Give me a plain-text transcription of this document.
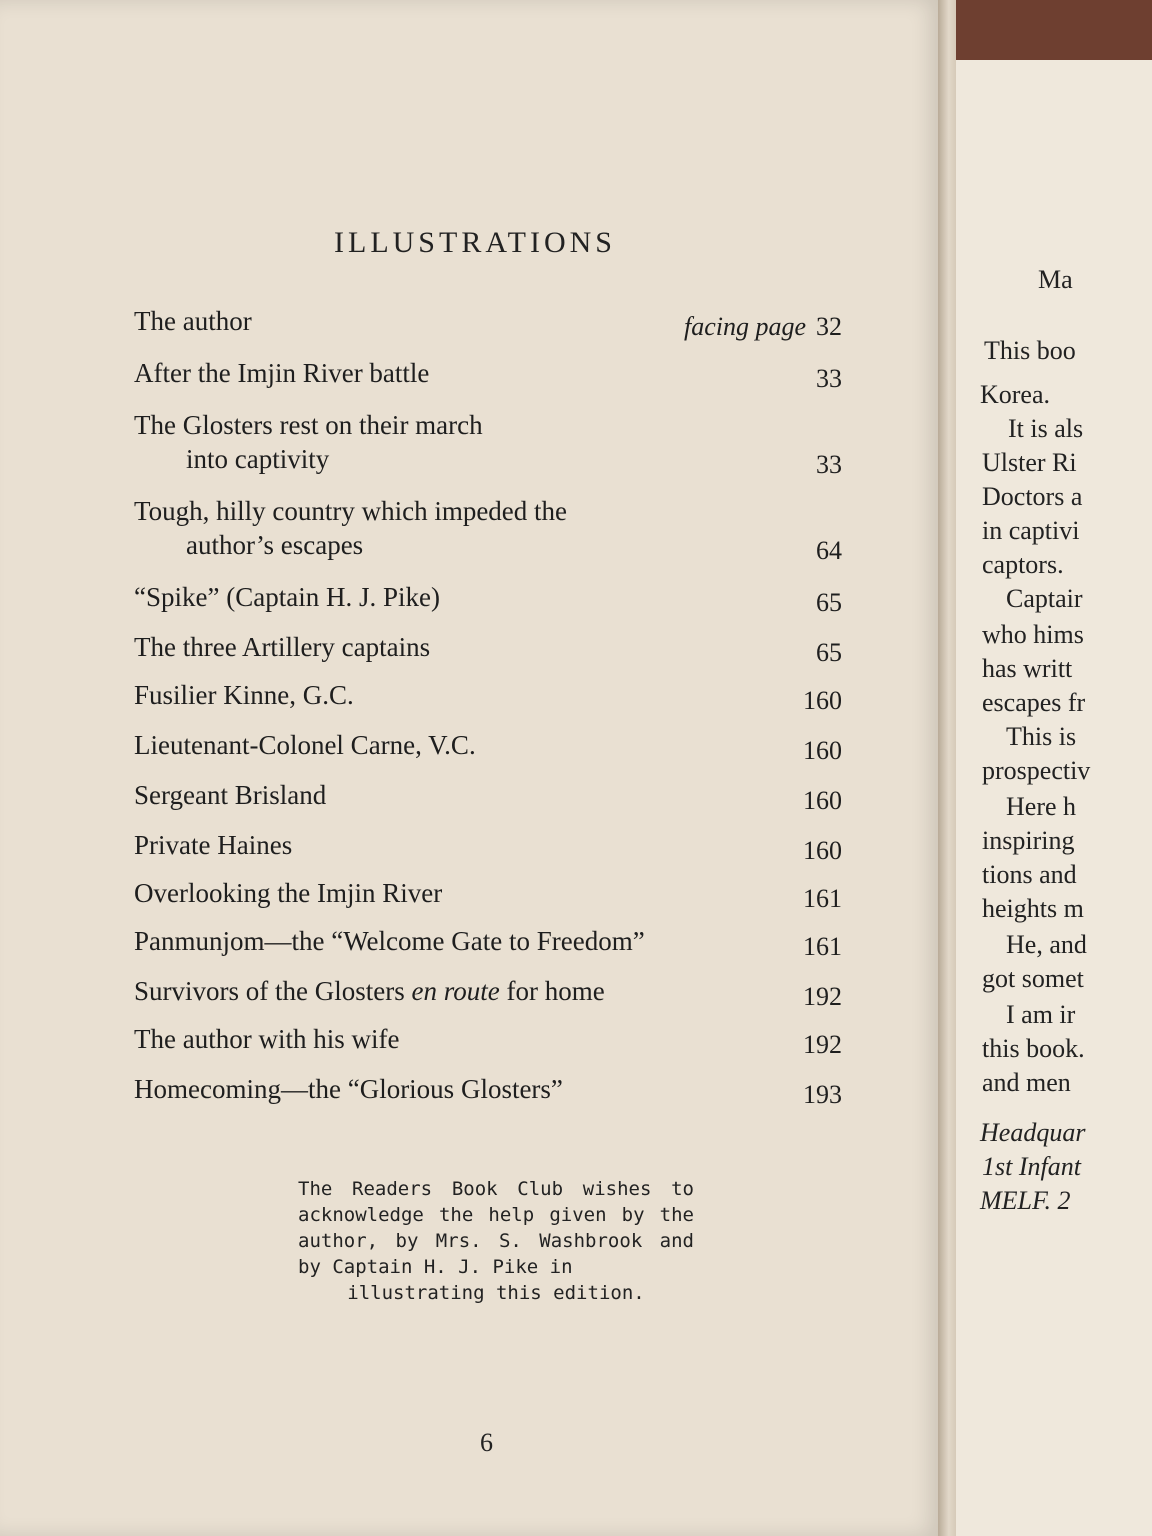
Ma
This boo
Korea.
It is als
Ulster Ri
Doctors a
in captivi
captors.
Captair
who hims
has writt
escapes fr
This is
prospectiv
Here h
inspiring
tions and
heights m
He, and
got somet
I am ir
this book.
and men
Headquar
1st Infant
MELF. 2
ILLUSTRATIONS
The author	facing page 32
After the Imjin River battle	33
The Glosters rest on their march
into captivity	33
Tough, hilly country which impeded the
author’s escapes	64
“Spike” (Captain H. J. Pike)	65
The three Artillery captains	65
Fusilier Kinne, G.C.	160
Lieutenant-Colonel Carne, V.C.	160
Sergeant Brisland	160
Private Haines	160
Overlooking the Imjin River	161
Panmunjom—the “Welcome Gate to Freedom”	161
Survivors of the Glosters en route for home	192
The author with his wife	192
Homecoming—the “Glorious Glosters”	193
The Readers Book Club wishes to acknowledge the help given by the author, by Mrs. S. Washbrook and by Captain H. J. Pike in
illustrating this edition.
6
